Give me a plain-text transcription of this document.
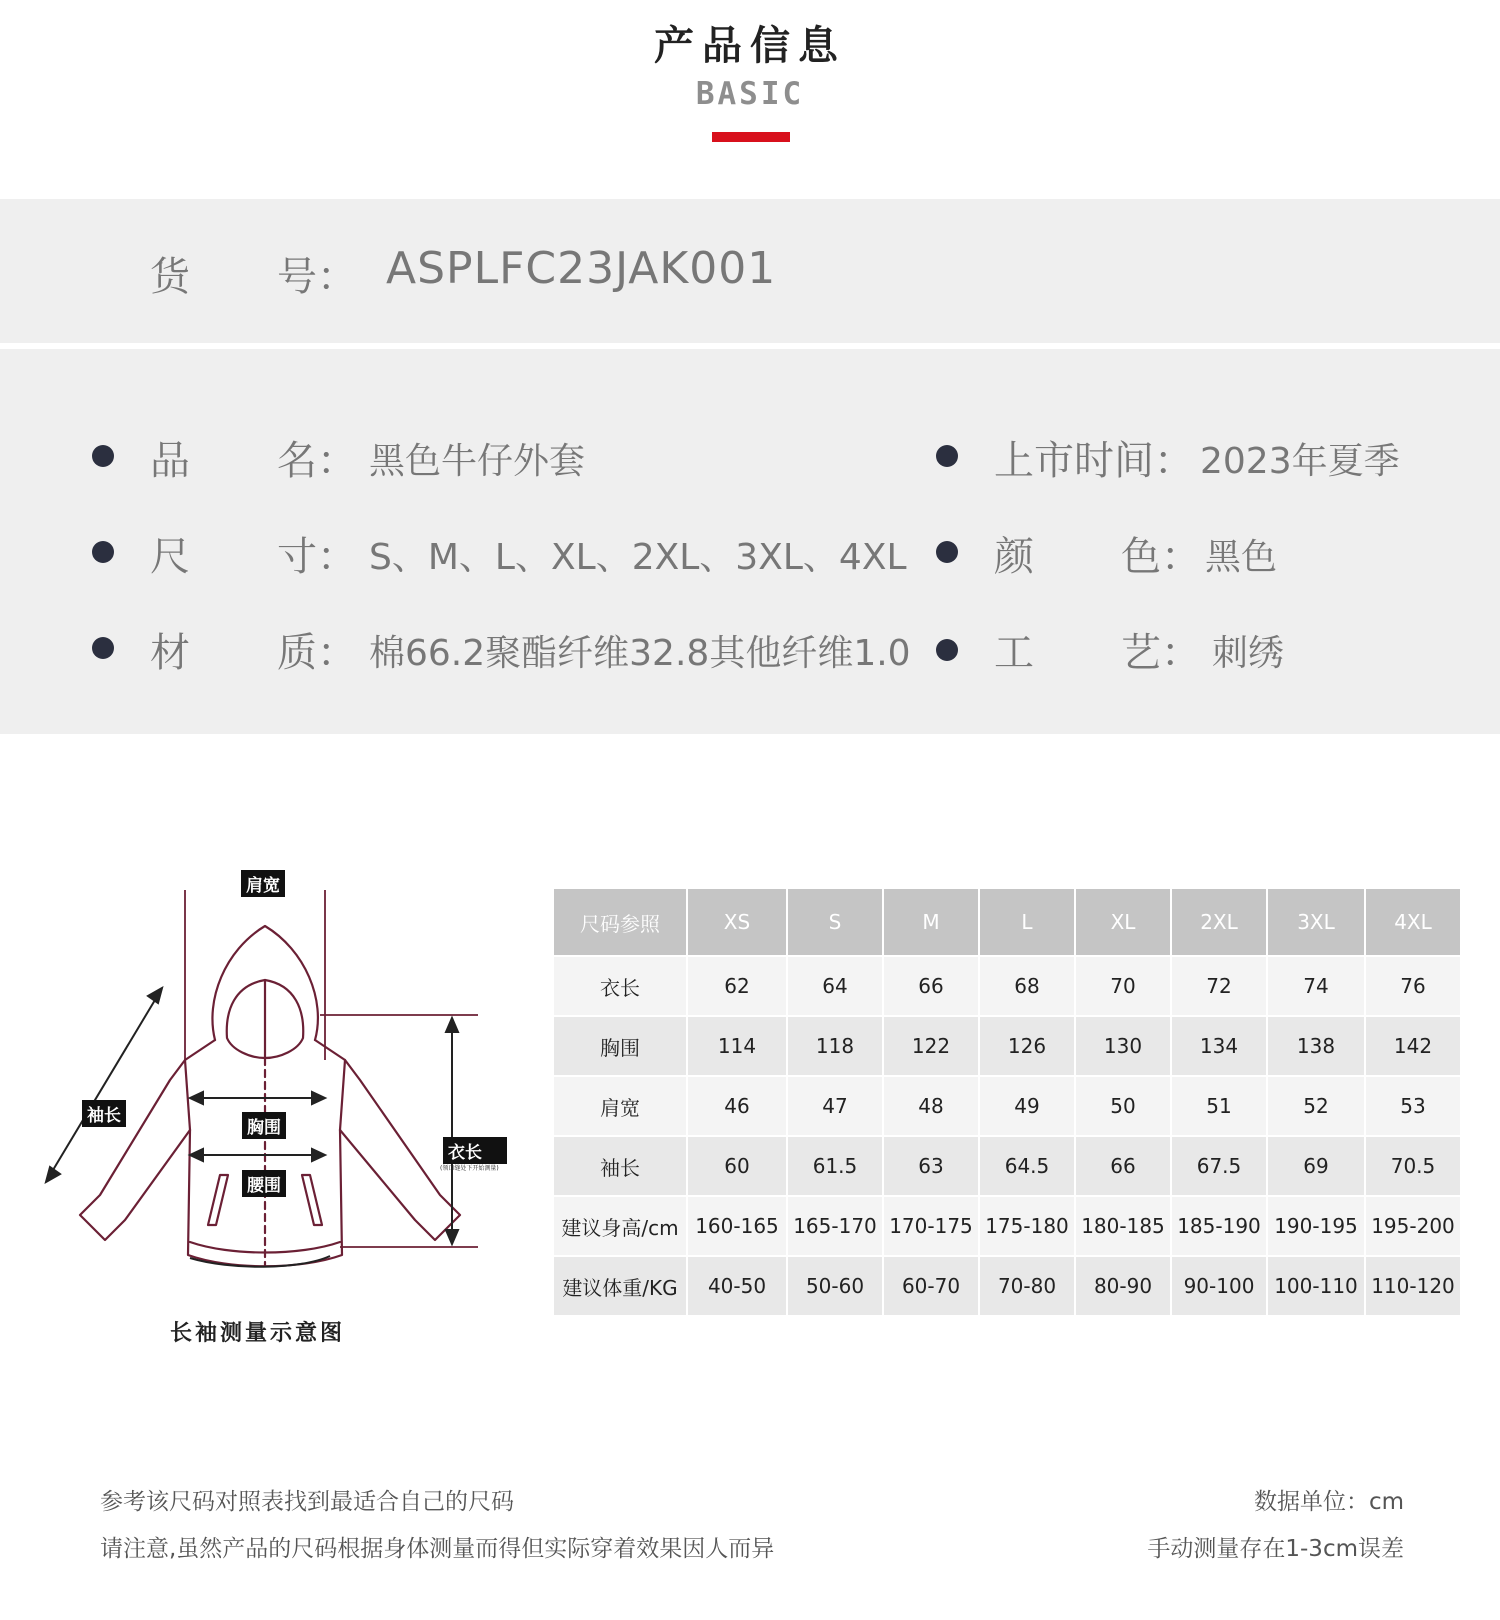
产品信息
BASIC
货 号： ASPLFC23JAK001
品 名： 黑色牛仔外套
尺 寸： S、M、L、XL、2XL、3XL、4XL
材 质： 棉66.2聚酯纤维32.8其他纤维1.0
上市时间： 2023年夏季
颜 色： 黑色
工 艺： 刺绣
肩宽
袖长
胸围
腰围
衣长
(领口缝处下开始测量)
长袖测量示意图
尺码参照	XS	S	M	L	XL	2XL	3XL	4XL
衣长	62	64	66	68	70	72	74	76
胸围	114	118	122	126	130	134	138	142
肩宽	46	47	48	49	50	51	52	53
袖长	60	61.5	63	64.5	66	67.5	69	70.5
建议身高/cm	160-165	165-170	170-175	175-180	180-185	185-190	190-195	195-200
建议体重/KG	40-50	50-60	60-70	70-80	80-90	90-100	100-110	110-120
参考该尺码对照表找到最适合自己的尺码
请注意,虽然产品的尺码根据身体测量而得但实际穿着效果因人而异
数据单位：cm
手动测量存在1-3cm误差
